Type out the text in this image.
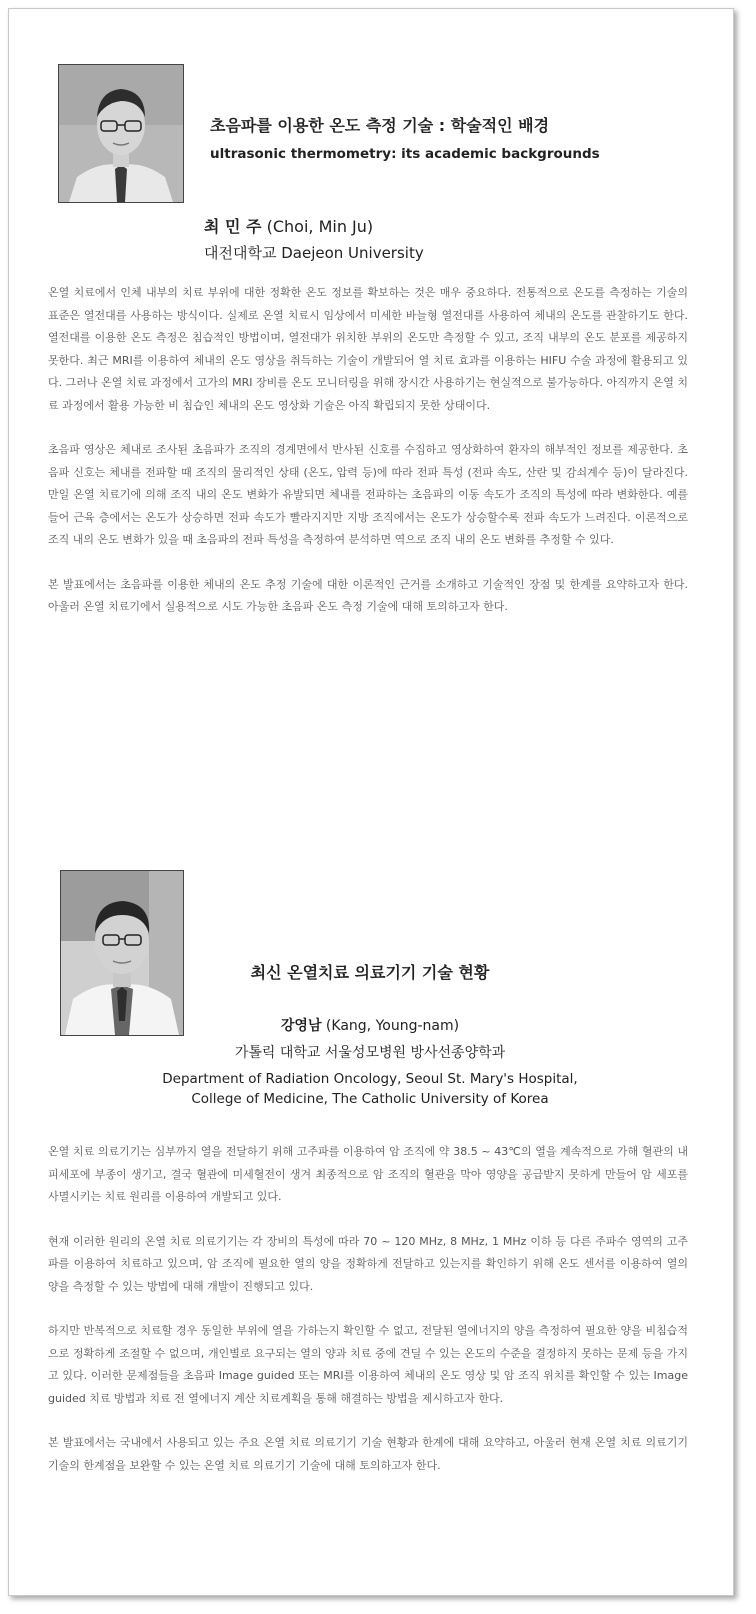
초음파를 이용한 온도 측정 기술 : 학술적인 배경
ultrasonic thermometry: its academic backgrounds
최 민 주 (Choi, Min Ju)
대전대학교 Daejeon University

온열 치료에서 인체 내부의 치료 부위에 대한 정확한 온도 정보를 확보하는 것은 매우 중요하다. 전통적으로 온도를 측정하는 기술의 표준은 열전대를 사용하는 방식이다. 실제로 온열 치료시 임상에서 미세한 바늘형 열전대를 사용하여 체내의 온도를 관찰하기도 한다. 열전대를 이용한 온도 측정은 침습적인 방법이며, 열전대가 위치한 부위의 온도만 측정할 수 있고, 조직 내부의 온도 분포를 제공하지 못한다. 최근 MRI를 이용하여 체내의 온도 영상을 취득하는 기술이 개발되어 열 치료 효과를 이용하는 HIFU 수술 과정에 활용되고 있다. 그러나 온열 치료 과정에서 고가의 MRI 장비를 온도 모니터링을 위해 장시간 사용하기는 현실적으로 불가능하다. 아직까지 온열 치료 과정에서 활용 가능한 비 침습인 체내의 온도 영상화 기술은 아직 확립되지 못한 상태이다.

초음파 영상은 체내로 조사된 초음파가 조직의 경계면에서 반사된 신호를 수집하고 영상화하여 환자의 해부적인 정보를 제공한다. 초음파 신호는 체내를 전파할 때 조직의 물리적인 상태 (온도, 압력 등)에 따라 전파 특성 (전파 속도, 산란 및 감쇠계수 등)이 달라진다. 만일 온열 치료기에 의해 조직 내의 온도 변화가 유발되면 체내를 전파하는 초음파의 이동 속도가 조직의 특성에 따라 변화한다. 예를 들어 근육 층에서는 온도가 상승하면 전파 속도가 빨라지지만 지방 조직에서는 온도가 상승할수록 전파 속도가 느려진다. 이론적으로 조직 내의 온도 변화가 있을 때 초음파의 전파 특성을 측정하여 분석하면 역으로 조직 내의 온도 변화를 추정할 수 있다.

본 발표에서는 초음파를 이용한 체내의 온도 추정 기술에 대한 이론적인 근거를 소개하고 기술적인 장점 및 한계를 요약하고자 한다. 아울러 온열 치료기에서 실용적으로 시도 가능한 초음파 온도 측정 기술에 대해 토의하고자 한다.

최신 온열치료 의료기기 기술 현황
강영남 (Kang, Young-nam)
가톨릭 대학교 서울성모병원 방사선종양학과
Department of Radiation Oncology, Seoul St. Mary's Hospital,
College of Medicine, The Catholic University of Korea

온열 치료 의료기기는 심부까지 열을 전달하기 위해 고주파를 이용하여 암 조직에 약 38.5 ~ 43℃의 열을 계속적으로 가해 혈관의 내피세포에 부종이 생기고, 결국 혈관에 미세혈전이 생겨 최종적으로 암 조직의 혈관을 막아 영양을 공급받지 못하게 만들어 암 세포를 사멸시키는 치료 원리를 이용하여 개발되고 있다.

현재 이러한 원리의 온열 치료 의료기기는 각 장비의 특성에 따라 70 ~ 120 MHz, 8 MHz, 1 MHz 이하 등 다른 주파수 영역의 고주파를 이용하여 치료하고 있으며, 암 조직에 필요한 열의 양을 정확하게 전달하고 있는지를 확인하기 위해 온도 센서를 이용하여 열의 양을 측정할 수 있는 방법에 대해 개발이 진행되고 있다.

하지만 반복적으로 치료할 경우 동일한 부위에 열을 가하는지 확인할 수 없고, 전달된 열에너지의 양을 측정하여 필요한 양을 비침습적으로 정확하게 조절할 수 없으며, 개인별로 요구되는 열의 양과 치료 중에 견딜 수 있는 온도의 수준을 결정하지 못하는 문제 등을 가지고 있다. 이러한 문제점들을 초음파 Image guided 또는 MRI를 이용하여 체내의 온도 영상 및 암 조직 위치를 확인할 수 있는 Image guided 치료 방법과 치료 전 열에너지 계산 치료계획을 통해 해결하는 방법을 제시하고자 한다.

본 발표에서는 국내에서 사용되고 있는 주요 온열 치료 의료기기 기술 현황과 한계에 대해 요약하고, 아울러 현재 온열 치료 의료기기 기술의 한계점을 보완할 수 있는 온열 치료 의료기기 기술에 대해 토의하고자 한다.
